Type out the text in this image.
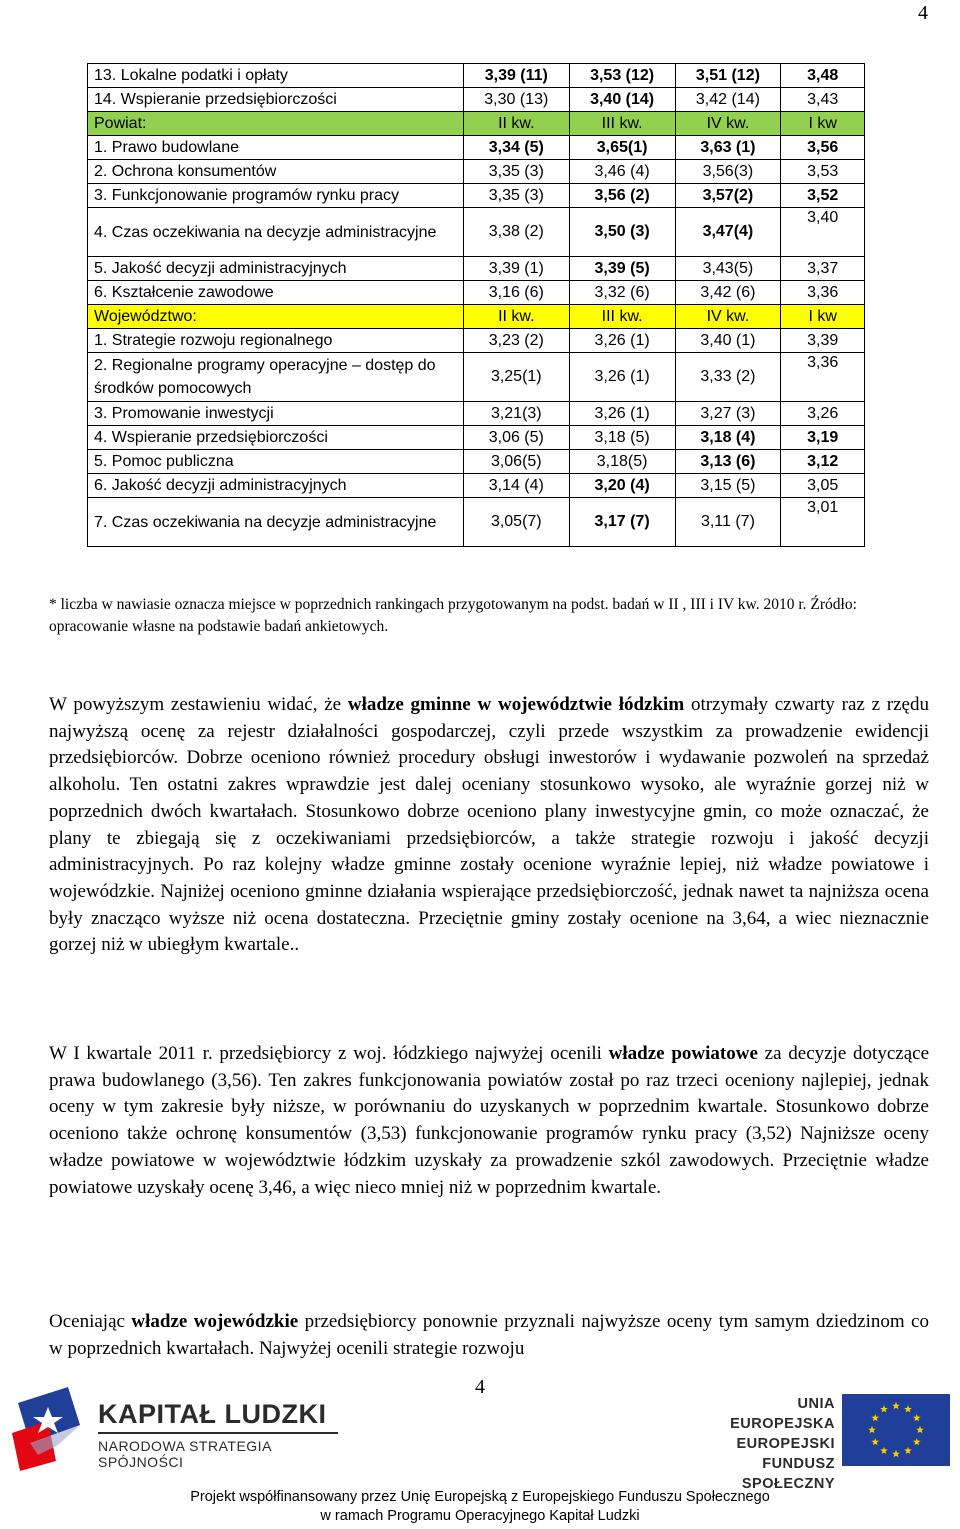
4
13. Lokalne podatki i opłaty	3,39 (11)	3,53 (12)	3,51 (12)	3,48
14. Wspieranie przedsiębiorczości	3,30 (13)	3,40 (14)	3,42 (14)	3,43
Powiat:	II kw.	III kw.	IV kw.	I kw
1. Prawo budowlane	3,34 (5)	3,65(1)	3,63 (1)	3,56
2. Ochrona konsumentów	3,35 (3)	3,46 (4)	3,56(3)	3,53
3. Funkcjonowanie programów rynku pracy	3,35 (3)	3,56 (2)	3,57(2)	3,52
4. Czas oczekiwania na decyzje administracyjne	3,38 (2)	3,50 (3)	3,47(4)	3,40
5. Jakość decyzji administracyjnych	3,39 (1)	3,39 (5)	3,43(5)	3,37
6. Kształcenie zawodowe	3,16 (6)	3,32 (6)	3,42 (6)	3,36
Województwo:	II kw.	III kw.	IV kw.	I kw
1. Strategie rozwoju regionalnego	3,23 (2)	3,26 (1)	3,40 (1)	3,39
2. Regionalne programy operacyjne – dostęp do środków pomocowych	3,25(1)	3,26 (1)	3,33 (2)	3,36
3. Promowanie inwestycji	3,21(3)	3,26 (1)	3,27 (3)	3,26
4. Wspieranie przedsiębiorczości	3,06 (5)	3,18 (5)	3,18 (4)	3,19
5. Pomoc publiczna	3,06(5)	3,18(5)	3,13 (6)	3,12
6. Jakość decyzji administracyjnych	3,14 (4)	3,20 (4)	3,15 (5)	3,05
7. Czas oczekiwania na decyzje administracyjne	3,05(7)	3,17 (7)	3,11 (7)	3,01
* liczba w nawiasie oznacza miejsce w poprzednich rankingach przygotowanym na podst. badań w II , III i IV kw. 2010 r. Źródło: opracowanie własne na podstawie badań ankietowych.
W powyższym zestawieniu widać, że władze gminne w województwie łódzkim otrzymały czwarty raz z rzędu najwyższą ocenę za rejestr działalności gospodarczej, czyli przede wszystkim za prowadzenie ewidencji przedsiębiorców. Dobrze oceniono również procedury obsługi inwestorów i wydawanie pozwoleń na sprzedaż alkoholu. Ten ostatni zakres wprawdzie jest dalej oceniany stosunkowo wysoko, ale wyraźnie gorzej niż w poprzednich dwóch kwartałach. Stosunkowo dobrze oceniono plany inwestycyjne gmin, co może oznaczać, że plany te zbiegają się z oczekiwaniami przedsiębiorców, a także strategie rozwoju i jakość decyzji administracyjnych. Po raz kolejny władze gminne zostały ocenione wyraźnie lepiej, niż władze powiatowe i wojewódzkie. Najniżej oceniono gminne działania wspierające przedsiębiorczość, jednak nawet ta najniższa ocena były znacząco wyższe niż ocena dostateczna. Przeciętnie gminy zostały ocenione na 3,64, a wiec nieznacznie gorzej niż w ubiegłym kwartale..
W I kwartale 2011 r. przedsiębiorcy z woj. łódzkiego najwyżej ocenili władze powiatowe za decyzje dotyczące prawa budowlanego (3,56). Ten zakres funkcjonowania powiatów został po raz trzeci oceniony najlepiej, jednak oceny w tym zakresie były niższe, w porównaniu do uzyskanych w poprzednim kwartale. Stosunkowo dobrze oceniono także ochronę konsumentów (3,53) funkcjonowanie programów rynku pracy (3,52) Najniższe oceny władze powiatowe w województwie łódzkim uzyskały za prowadzenie szkól zawodowych. Przeciętnie władze powiatowe uzyskały ocenę 3,46, a więc nieco mniej niż w poprzednim kwartale.
Oceniając władze wojewódzkie przedsiębiorcy ponownie przyznali najwyższe oceny tym samym dziedzinom co w poprzednich kwartałach. Najwyżej ocenili strategie rozwoju
4
KAPITAŁ LUDZKI
NARODOWA STRATEGIA SPÓJNOŚCI
UNIA EUROPEJSKA
EUROPEJSKI
FUNDUSZ SPOŁECZNY
Projekt współfinansowany przez Unię Europejską z Europejskiego Funduszu Społecznego
w ramach Programu Operacyjnego Kapitał Ludzki
